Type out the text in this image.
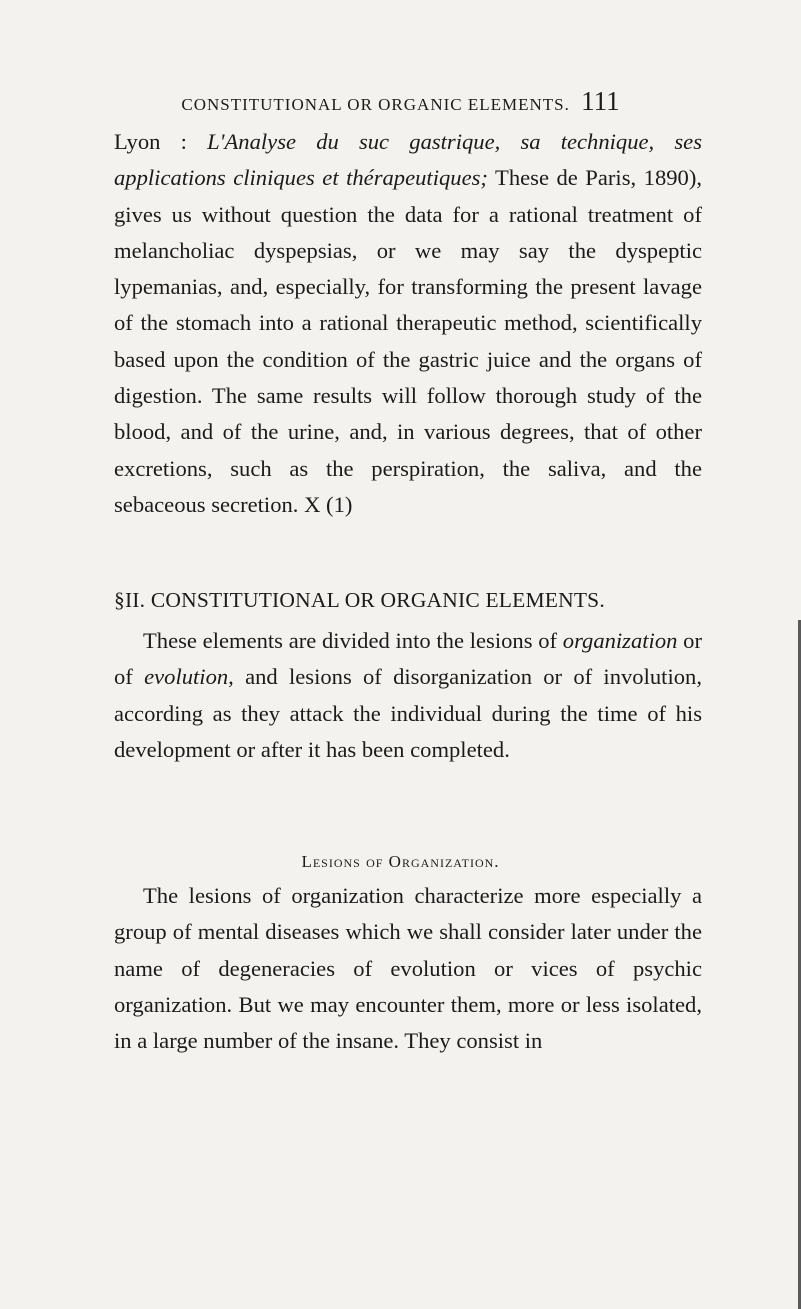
CONSTITUTIONAL OR ORGANIC ELEMENTS. 111

Lyon : L'Analyse du suc gastrique, sa technique, ses applications cliniques et thérapeutiques; These de Paris, 1890), gives us without question the data for a rational treatment of melancholiac dyspepsias, or we may say the dyspeptic lypemanias, and, especially, for transforming the present lavage of the stomach into a rational therapeutic method, scientifically based upon the condition of the gastric juice and the organs of digestion. The same results will follow thorough study of the blood, and of the urine, and, in various degrees, that of other excretions, such as the perspiration, the saliva, and the sebaceous secretion. X (1)

§II. CONSTITUTIONAL OR ORGANIC ELEMENTS.

These elements are divided into the lesions of organization or of evolution, and lesions of disorganization or of involution, according as they attack the individual during the time of his development or after it has been completed.

Lesions of Organization.

The lesions of organization characterize more especially a group of mental diseases which we shall consider later under the name of degeneracies of evolution or vices of psychic organization. But we may encounter them, more or less isolated, in a large number of the insane. They consist in
